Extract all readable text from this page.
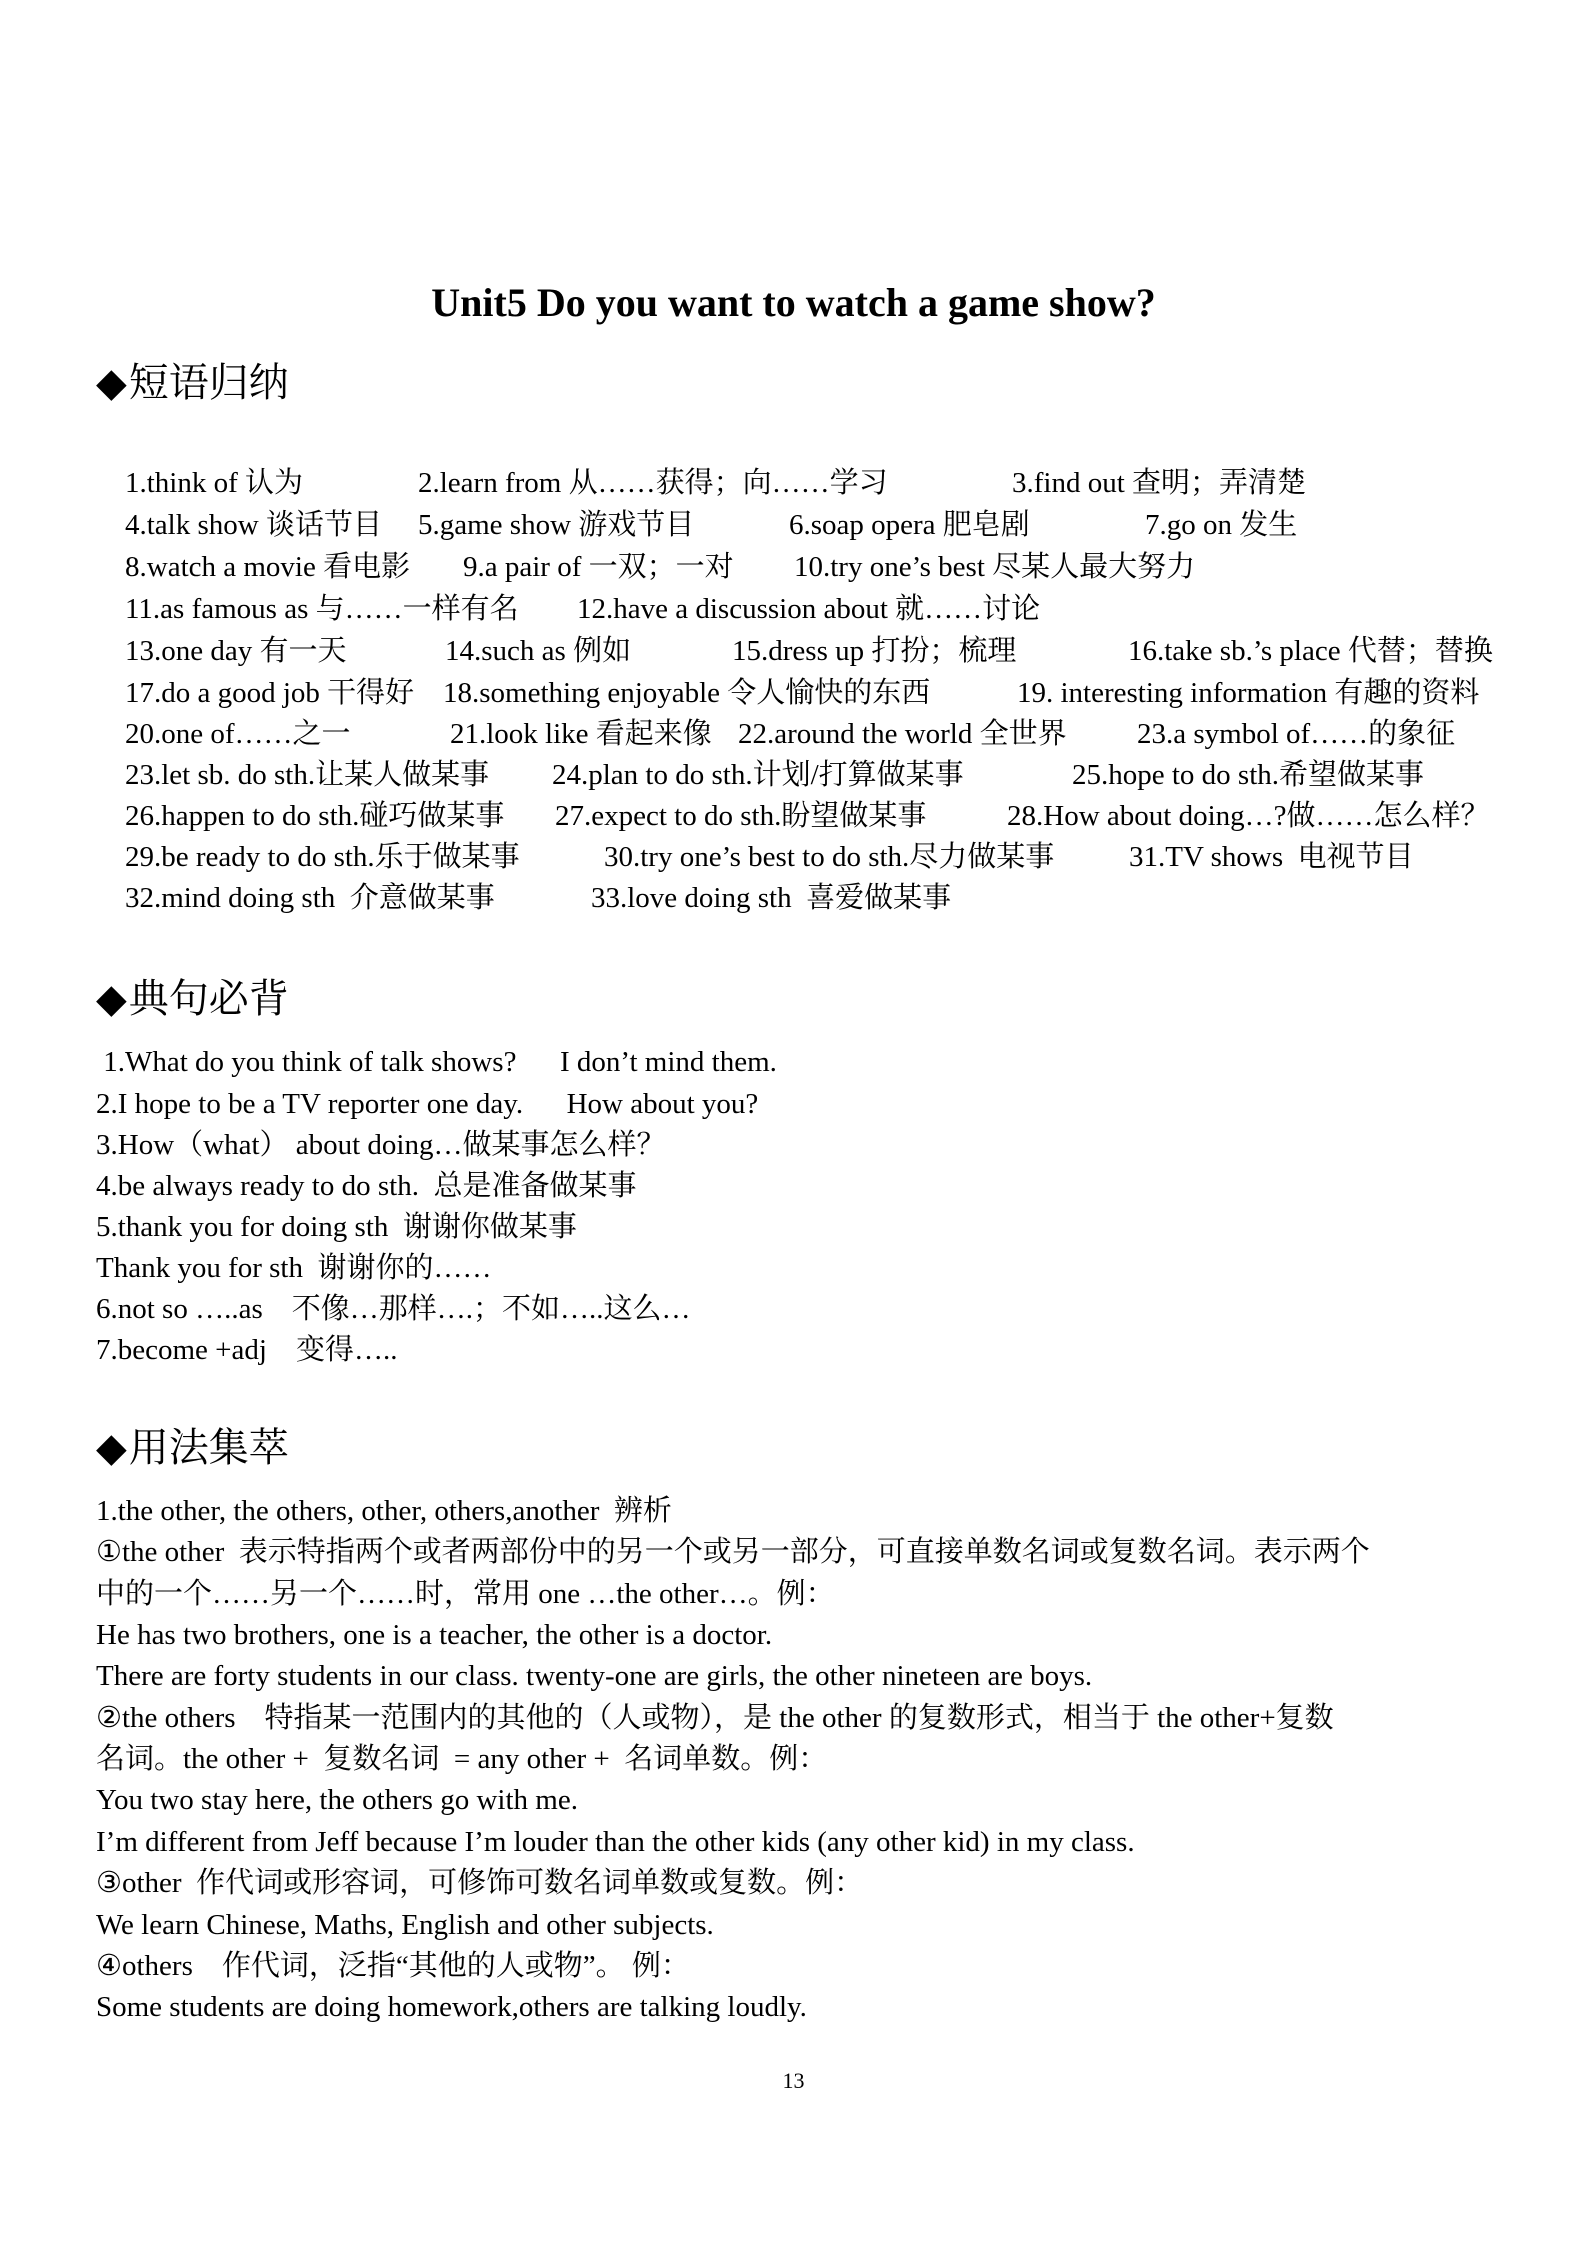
Unit5 Do you want to watch a game show?
◆短语归纳

1.think of 认为	2.learn from 从……获得；向……学习	3.find out 查明；弄清楚

4.talk show 谈话节目 5.game show 游戏节目	6.soap opera 肥皂剧	7.go on 发生

8.watch a movie 看电影 9.a pair of 一双；一对 10.try one’s best 尽某人最大努力

11.as famous as 与……一样有名 12.have a discussion about 就……讨论

13.one day 有一天	14.such as 例如	15.dress up 打扮；梳理	16.take sb.’s place 代替；替换

17.do a good job 干得好 18.something enjoyable 令人愉快的东西	19. interesting information 有趣的资料

20.one of……之一	21.look like 看起来像 22.around the world 全世界 23.a symbol of……的象征

23.let sb. do sth.让某人做某事 24.plan to do sth.计划/打算做某事	25.hope to do sth.希望做某事

26.happen to do sth.碰巧做某事 27.expect to do sth.盼望做某事	28.How about doing…?做……怎么样？

29.be ready to do sth.乐于做某事	30.try one’s best to do sth.尽力做某事	31.TV shows  电视节目

32.mind doing sth  介意做某事	33.love doing sth  喜爱做某事

◆典句必背
1.What do you think of talk shows?      I don’t mind them.
2.I hope to be a TV reporter one day.      How about you?
3.How（what） about doing…做某事怎么样？
4.be always ready to do sth.  总是准备做某事
5.thank you for doing sth  谢谢你做某事
Thank you for sth  谢谢你的……
6.not so …..as    不像…那样….；不如…..这么…
7.become +adj    变得…..
◆用法集萃
1.the other, the others, other, others,another  辨析
①the other  表示特指两个或者两部份中的另一个或另一部分，可直接单数名词或复数名词。表示两个
中的一个……另一个……时，常用 one …the other…。例：
He has two brothers, one is a teacher, the other is a doctor.
There are forty students in our class. twenty-one are girls, the other nineteen are boys.
②the others    特指某一范围内的其他的（人或物），是 the other 的复数形式，相当于 the other+复数
名词。the other +  复数名词  = any other +  名词单数。例：
You two stay here, the others go with me.
I’m different from Jeff because I’m louder than the other kids (any other kid) in my class.
③other  作代词或形容词，可修饰可数名词单数或复数。例：
We learn Chinese, Maths, English and other subjects.
④others    作代词，泛指“其他的人或物”。 例：
Some students are doing homework,others are talking loudly.
13
